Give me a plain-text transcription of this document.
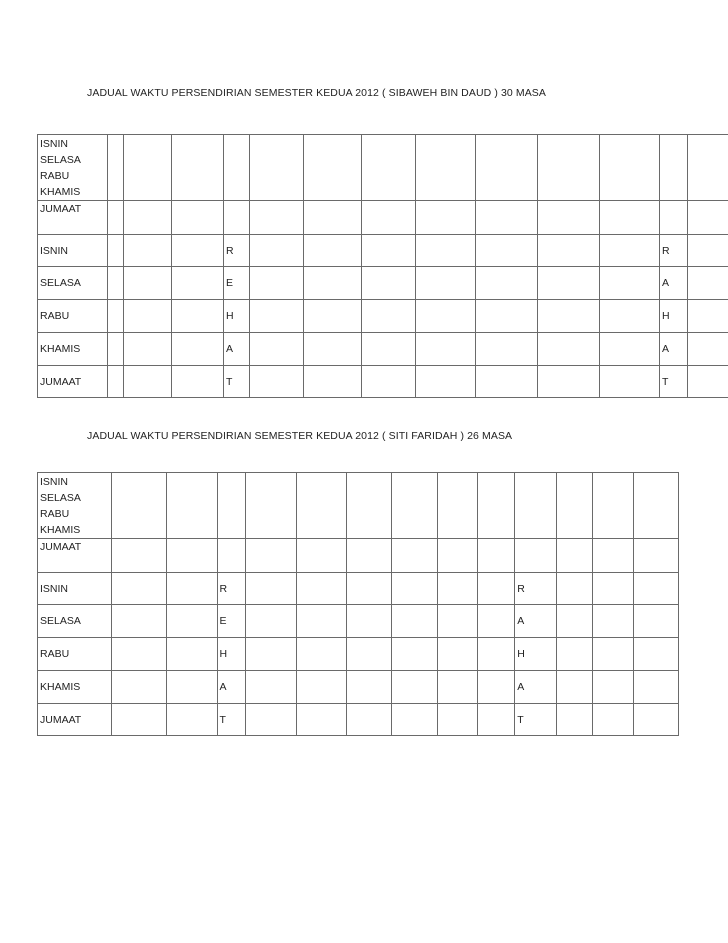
JADUAL WAKTU PERSENDIRIAN SEMESTER KEDUA 2012 ( SIBAWEH BIN DAUD ) 30 MASA
ISNIN
SELASA
RABU
KHAMIS														

JUMAAT														
ISNIN				R								R		
SELASA				E								A		
RABU				H								H		
KHAMIS				A								A		
JUMAAT				T								T		
JADUAL WAKTU PERSENDIRIAN SEMESTER KEDUA 2012 ( SITI FARIDAH ) 26 MASA
ISNIN
SELASA
RABU
KHAMIS													

JUMAAT													
ISNIN			R							R			
SELASA			E							A			
RABU			H							H			
KHAMIS			A							A			
JUMAAT			T							T			
